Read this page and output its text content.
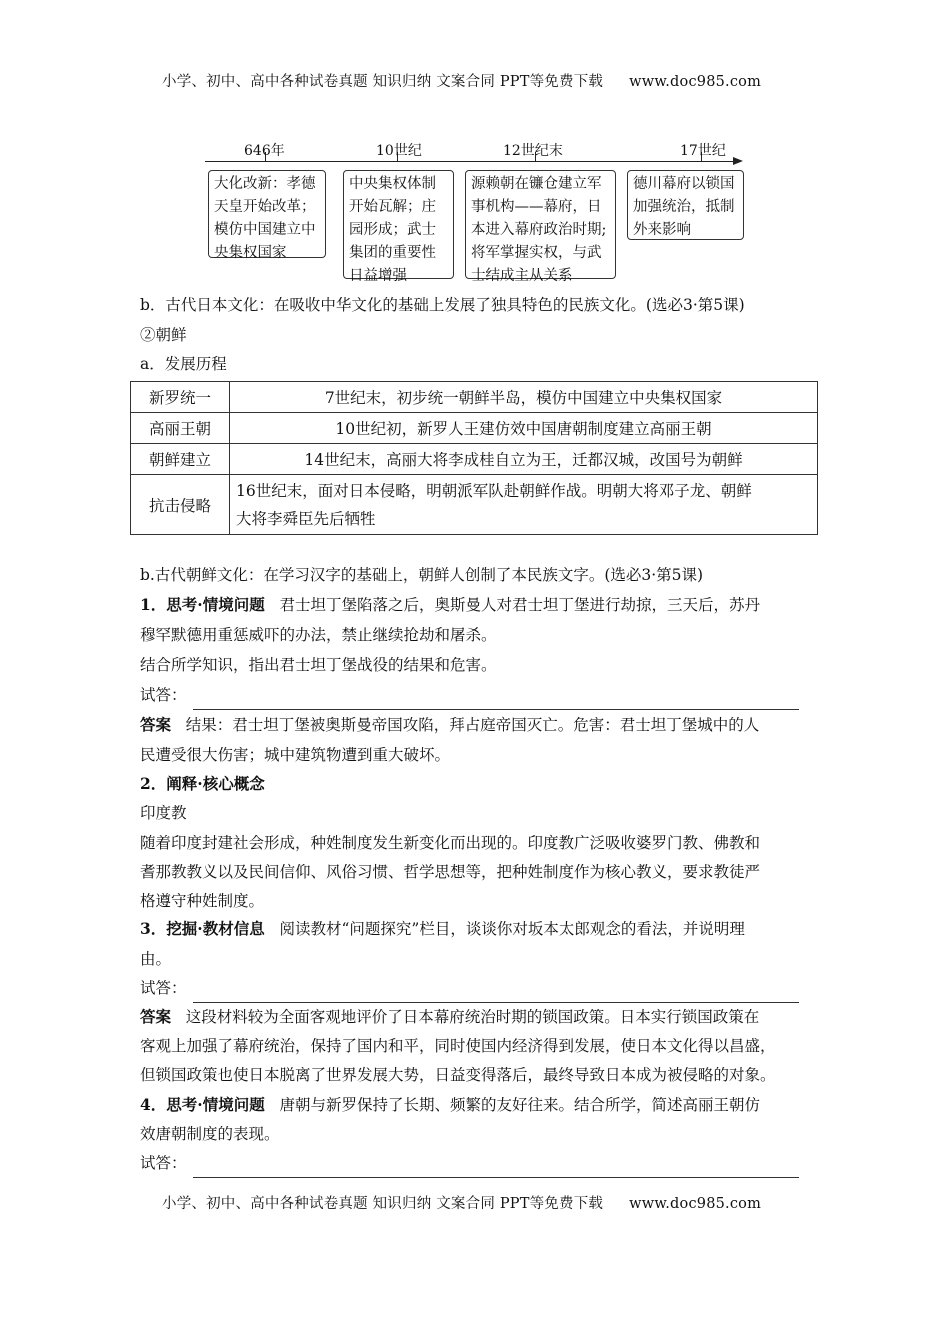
小学、初中、高中各种试卷真题 知识归纳 文案合同 PPT等免费下载 www.doc985.com
646年	10世纪	12世纪末	17世纪
大化改新：孝德
天皇开始改革；
模仿中国建立中
央集权国家
中央集权体制
开始瓦解；庄
园形成；武士
集团的重要性
日益增强
源赖朝在镰仓建立军
事机构——幕府，日
本进入幕府政治时期;
将军掌握实权，与武
士结成主从关系
德川幕府以锁国
加强统治，抵制
外来影响
b．古代日本文化：在吸收中华文化的基础上发展了独具特色的民族文化。(选必3·第5课)
②朝鲜
a．发展历程
新罗统一	7世纪末，初步统一朝鲜半岛，模仿中国建立中央集权国家
高丽王朝	10世纪初，新罗人王建仿效中国唐朝制度建立高丽王朝
朝鲜建立	14世纪末，高丽大将李成桂自立为王，迁都汉城，改国号为朝鲜
抗击侵略	16世纪末，面对日本侵略，明朝派军队赴朝鲜作战。明朝大将邓子龙、朝鲜
大将李舜臣先后牺牲
b.古代朝鲜文化：在学习汉字的基础上，朝鲜人创制了本民族文字。(选必3·第5课)
1．思考·情境问题 君士坦丁堡陷落之后，奥斯曼人对君士坦丁堡进行劫掠，三天后，苏丹
穆罕默德用重惩威吓的办法，禁止继续抢劫和屠杀。
结合所学知识，指出君士坦丁堡战役的结果和危害。
试答：
答案 结果：君士坦丁堡被奥斯曼帝国攻陷，拜占庭帝国灭亡。危害：君士坦丁堡城中的人
民遭受很大伤害；城中建筑物遭到重大破坏。
2．阐释·核心概念
印度教
随着印度封建社会形成，种姓制度发生新变化而出现的。印度教广泛吸收婆罗门教、佛教和
耆那教教义以及民间信仰、风俗习惯、哲学思想等，把种姓制度作为核心教义，要求教徒严
格遵守种姓制度。
3．挖掘·教材信息 阅读教材“问题探究”栏目，谈谈你对坂本太郎观念的看法，并说明理
由。
试答：
答案 这段材料较为全面客观地评价了日本幕府统治时期的锁国政策。日本实行锁国政策在
客观上加强了幕府统治，保持了国内和平，同时使国内经济得到发展，使日本文化得以昌盛，
但锁国政策也使日本脱离了世界发展大势，日益变得落后，最终导致日本成为被侵略的对象。
4．思考·情境问题 唐朝与新罗保持了长期、频繁的友好往来。结合所学，简述高丽王朝仿
效唐朝制度的表现。
试答：
小学、初中、高中各种试卷真题 知识归纳 文案合同 PPT等免费下载 www.doc985.com
